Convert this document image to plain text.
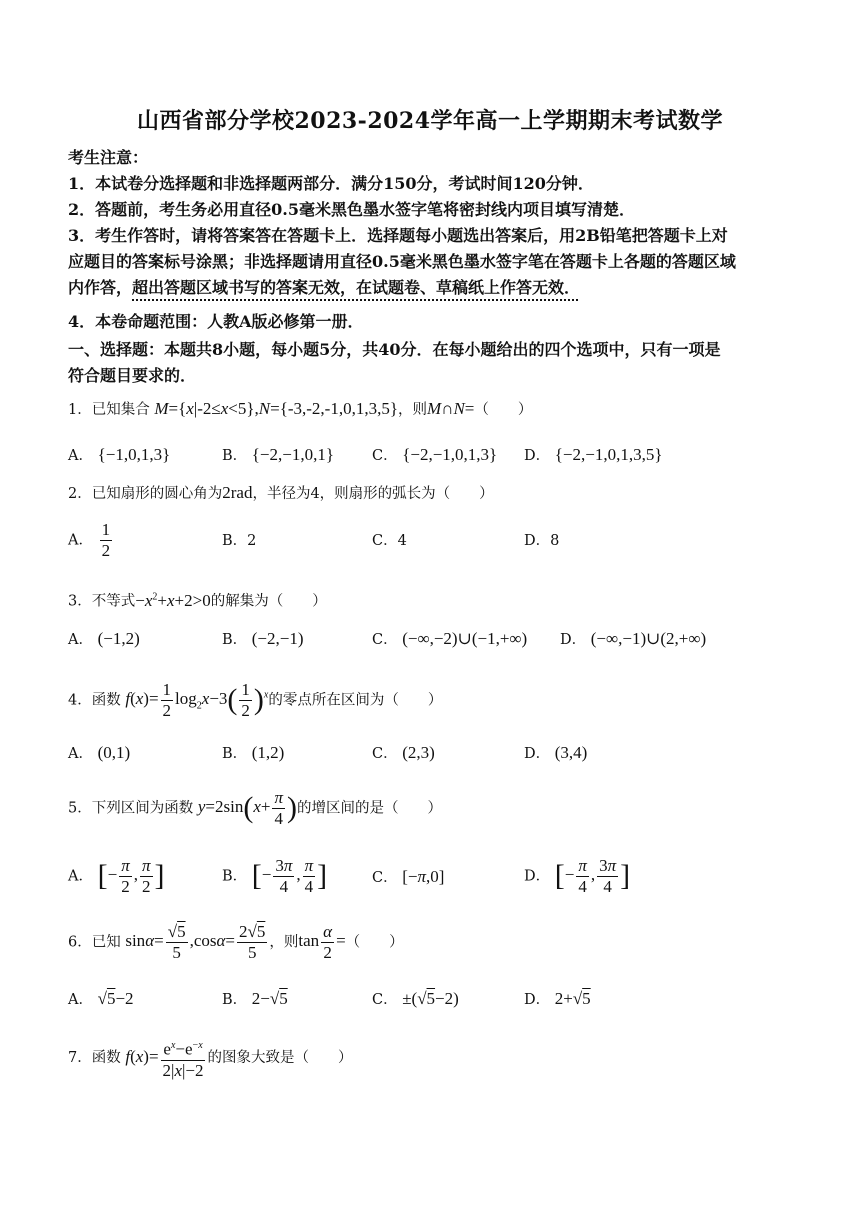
山西省部分学校2023-2024学年高一上学期期末考试数学
考生注意：
1．本试卷分选择题和非选择题两部分．满分150分，考试时间120分钟．
2．答题前，考生务必用直径0.5毫米黑色墨水签字笔将密封线内项目填写清楚．
3．考生作答时，请将答案答在答题卡上．选择题每小题选出答案后，用2B铅笔把答题卡上对
应题目的答案标号涂黑；非选择题请用直径0.5毫米黑色墨水签字笔在答题卡上各题的答题区域
内作答，超出答题区域书写的答案无效，在试题卷、草稿纸上作答无效．
4．本卷命题范围：人教A版必修第一册．
一、选择题：本题共8小题，每小题5分，共40分．在每小题给出的四个选项中，只有一项是
符合题目要求的．
1．已知集合 M={x|-2≤x<5},N={-3,-2,-1,0,1,3,5}，则M∩N=（　　）
A． {−1,0,1,3}	B． {−2,−1,0,1}	C． {−2,−1,0,1,3} D． {−2,−1,0,1,3,5}
2．已知扇形的圆心角为2rad，半径为4，则扇形的弧长为（　　）
A． $\frac{1}{2}$	B．2	C．4	D．8
3．不等式$-x^2+x+2>0$的解集为（　　）
A． (−1,2)	B． (−2,−1)	C． (−∞,−2)∪(−1,+∞) D． (−∞,−1)∪(2,+∞)
4．函数 $f(x)= \frac{1}{2} \log_2x-3( \frac{1}{2} )^x$的零点所在区间为（　　）
A． (0,1)	B． (1,2)	C． (2,3)	D． (3,4)
5．下列区间为函数 $y=2\sin(x+ \frac{\pi}{4}$ )的增区间的是（　　）
A． [− $\frac{\pi}{2}$ , $\frac{\pi}{2}$ ]	B． [− $\frac{3\pi}{4}$ , $\frac{\pi}{4}$ ]	C． [−π,0]	D． [− $\frac{\pi}{4}$ , $\frac{3\pi}{4}$ ]
6．已知 $\sin\alpha= \frac{√5}{5} ,\cos\alpha= \frac{2√5}{5}$ ，则$\tan \frac{\alpha}{2}$ =（　　）
A． √5−2	B． 2−√5	C． ±(√5−2)	D． 2+√5
7．函数 $f(x)= \frac{e^x-e^{-x}}{2|x|-2}$ 的图象大致是（　　）
